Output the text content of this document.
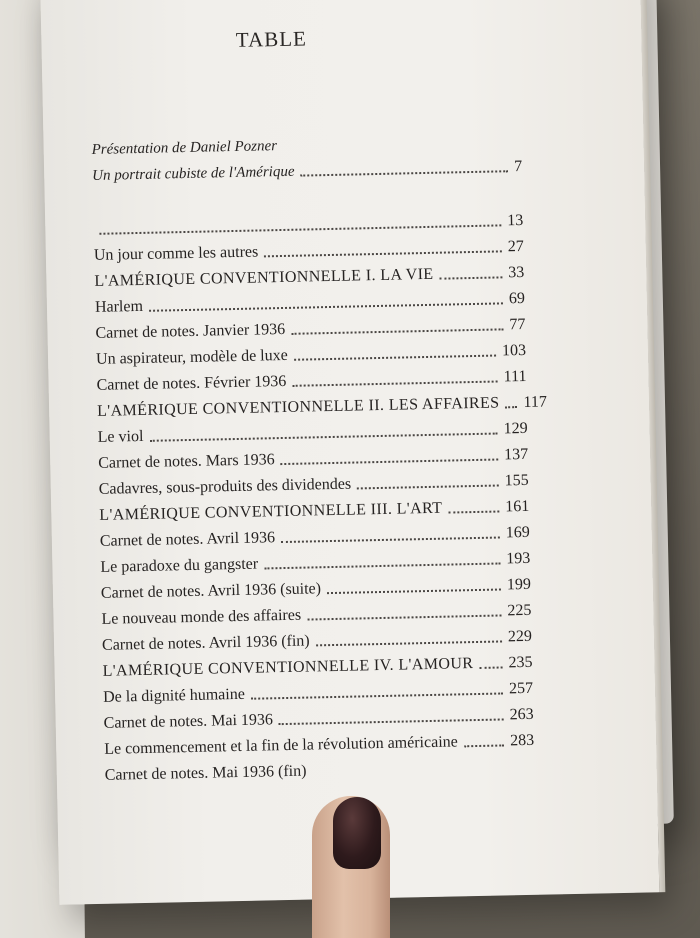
TABLE
Présentation de Daniel Pozner
Un portrait cubiste de l'Amérique	7
13
Un jour comme les autres	27
L'AMÉRIQUE CONVENTIONNELLE I. LA VIE	33
Harlem	69
Carnet de notes. Janvier 1936	77
Un aspirateur, modèle de luxe	103
Carnet de notes. Février 1936	111
L'AMÉRIQUE CONVENTIONNELLE II. LES AFFAIRES 117
Le viol	129
Carnet de notes. Mars 1936	137
Cadavres, sous-produits des dividendes	155
L'AMÉRIQUE CONVENTIONNELLE III. L'ART	161
Carnet de notes. Avril 1936	169
Le paradoxe du gangster	193
Carnet de notes. Avril 1936 (suite)	199
Le nouveau monde des affaires	225
Carnet de notes. Avril 1936 (fin)	229
L'AMÉRIQUE CONVENTIONNELLE IV. L'AMOUR 235
De la dignité humaine	257
Carnet de notes. Mai 1936	263
Le commencement et la fin de la révolution américaine	283
Carnet de notes. Mai 1936 (fin)
